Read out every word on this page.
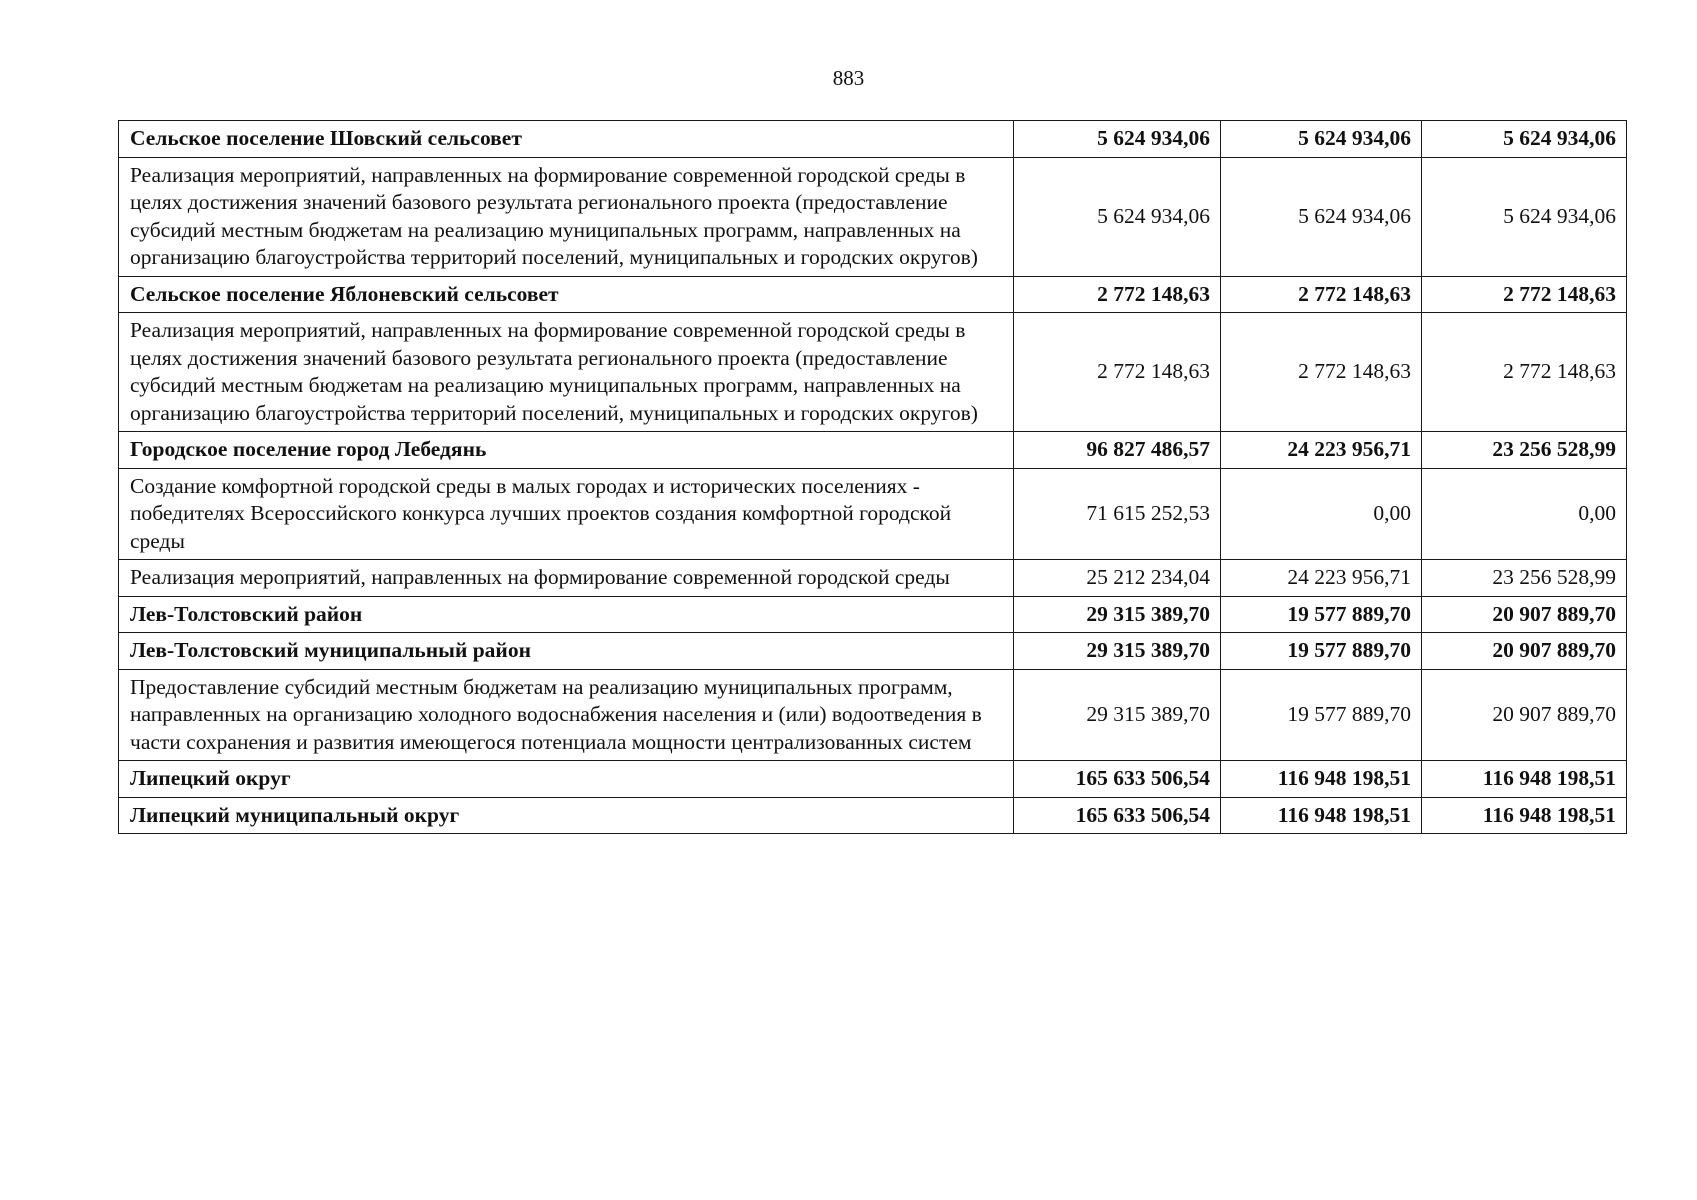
883
Сельское поселение Шовский сельсовет	5 624 934,06	5 624 934,06	5 624 934,06
Реализация мероприятий, направленных на формирование современной городской среды в целях достижения значений базового результата регионального проекта (предоставление субсидий местным бюджетам на реализацию муниципальных программ, направленных на организацию благоустройства территорий поселений, муниципальных и городских округов)	5 624 934,06	5 624 934,06	5 624 934,06
Сельское поселение Яблоневский сельсовет	2 772 148,63	2 772 148,63	2 772 148,63
Реализация мероприятий, направленных на формирование современной городской среды в целях достижения значений базового результата регионального проекта (предоставление субсидий местным бюджетам на реализацию муниципальных программ, направленных на организацию благоустройства территорий поселений, муниципальных и городских округов)	2 772 148,63	2 772 148,63	2 772 148,63
Городское поселение город Лебедянь	96 827 486,57	24 223 956,71	23 256 528,99
Создание комфортной городской среды в малых городах и исторических поселениях - победителях Всероссийского конкурса лучших проектов создания комфортной городской среды	71 615 252,53	0,00	0,00
Реализация мероприятий, направленных на формирование современной городской среды	25 212 234,04	24 223 956,71	23 256 528,99
Лев-Толстовский район	29 315 389,70	19 577 889,70	20 907 889,70
Лев-Толстовский муниципальный район	29 315 389,70	19 577 889,70	20 907 889,70
Предоставление субсидий местным бюджетам на реализацию муниципальных программ, направленных на организацию холодного водоснабжения населения и (или) водоотведения в части сохранения и развития имеющегося потенциала мощности централизованных систем	29 315 389,70	19 577 889,70	20 907 889,70
Липецкий округ	165 633 506,54	116 948 198,51	116 948 198,51
Липецкий муниципальный округ	165 633 506,54	116 948 198,51	116 948 198,51
